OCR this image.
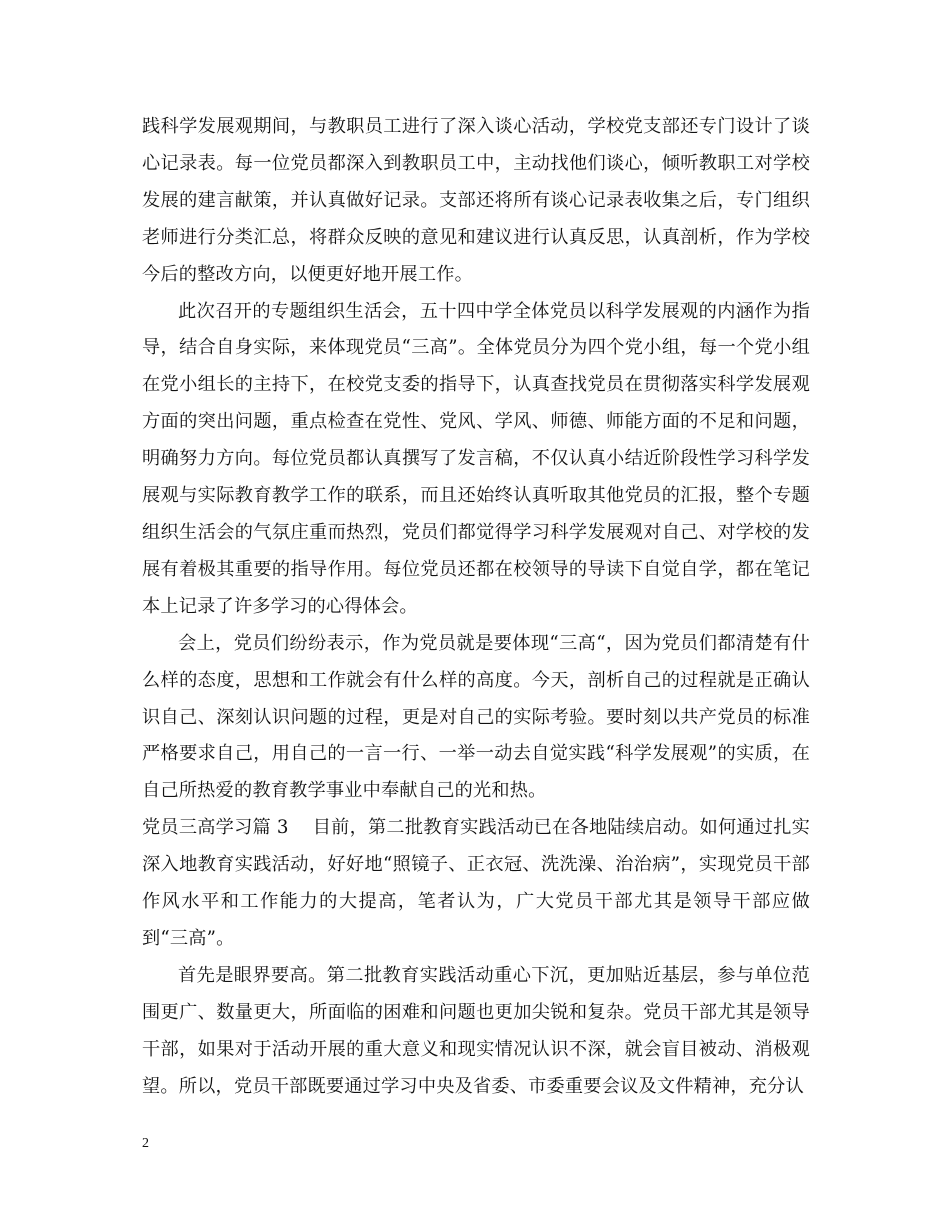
践科学发展观期间，与教职员工进行了深入谈心活动，学校党支部还专门设计了谈心记录表。每一位党员都深入到教职员工中，主动找他们谈心，倾听教职工对学校发展的建言献策，并认真做好记录。支部还将所有谈心记录表收集之后，专门组织老师进行分类汇总，将群众反映的意见和建议进行认真反思，认真剖析，作为学校今后的整改方向，以便更好地开展工作。

此次召开的专题组织生活会，五十四中学全体党员以科学发展观的内涵作为指导，结合自身实际，来体现党员“三高”。全体党员分为四个党小组，每一个党小组在党小组长的主持下，在校党支委的指导下，认真查找党员在贯彻落实科学发展观方面的突出问题，重点检查在党性、党风、学风、师德、师能方面的不足和问题，明确努力方向。每位党员都认真撰写了发言稿，不仅认真小结近阶段性学习科学发展观与实际教育教学工作的联系，而且还始终认真听取其他党员的汇报，整个专题组织生活会的气氛庄重而热烈，党员们都觉得学习科学发展观对自己、对学校的发展有着极其重要的指导作用。每位党员还都在校领导的导读下自觉自学，都在笔记本上记录了许多学习的心得体会。

会上，党员们纷纷表示，作为党员就是要体现“三高“，因为党员们都清楚有什么样的态度，思想和工作就会有什么样的高度。今天，剖析自己的过程就是正确认识自己、深刻认识问题的过程，更是对自己的实际考验。要时刻以共产党员的标准严格要求自己，用自己的一言一行、一举一动去自觉实践“科学发展观”的实质，在自己所热爱的教育教学事业中奉献自己的光和热。

党员三高学习篇 3 目前，第二批教育实践活动已在各地陆续启动。如何通过扎实深入地教育实践活动，好好地“照镜子、正衣冠、洗洗澡、治治病”，实现党员干部作风水平和工作能力的大提高，笔者认为，广大党员干部尤其是领导干部应做到“三高”。

首先是眼界要高。第二批教育实践活动重心下沉，更加贴近基层，参与单位范围更广、数量更大，所面临的困难和问题也更加尖锐和复杂。党员干部尤其是领导干部，如果对于活动开展的重大意义和现实情况认识不深，就会盲目被动、消极观望。所以，党员干部既要通过学习中央及省委、市委重要会议及文件精神，充分认

2
